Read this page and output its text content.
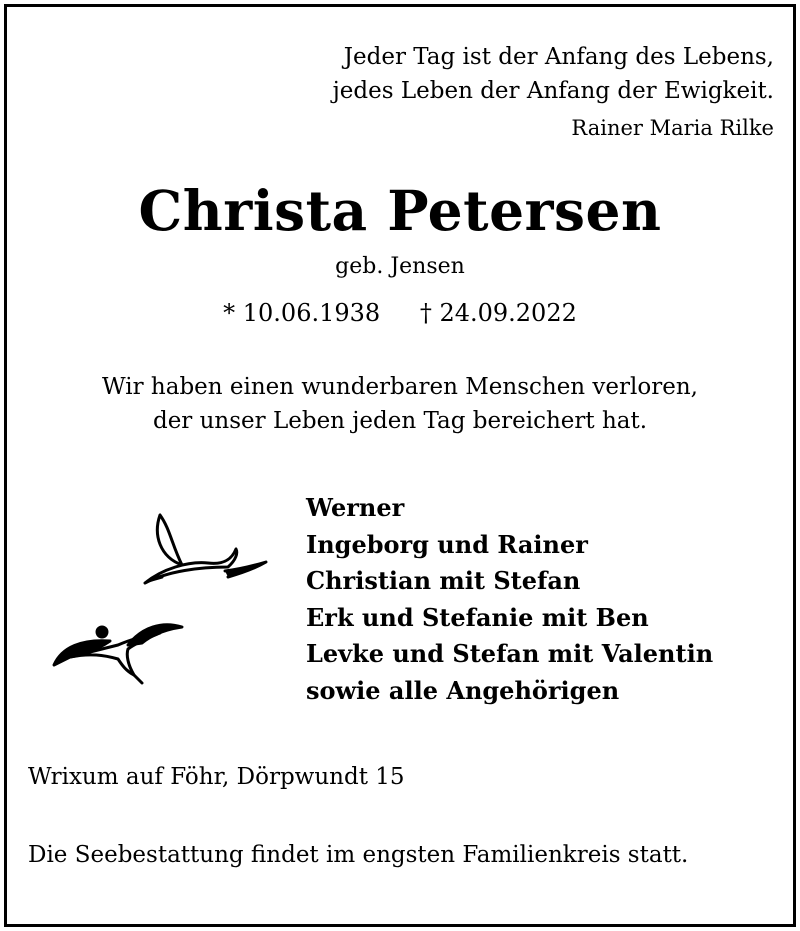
Jeder Tag ist der Anfang des Lebens,
jedes Leben der Anfang der Ewigkeit.
Rainer Maria Rilke
Christa Petersen
geb. Jensen
* 10.06.1938 † 24.09.2022
Wir haben einen wunderbaren Menschen verloren,
der unser Leben jeden Tag bereichert hat.
Werner
Ingeborg und Rainer
Christian mit Stefan
Erk und Stefanie mit Ben
Levke und Stefan mit Valentin
sowie alle Angehörigen
Wrixum auf Föhr, Dörpwundt 15
Die Seebestattung findet im engsten Familienkreis statt.
